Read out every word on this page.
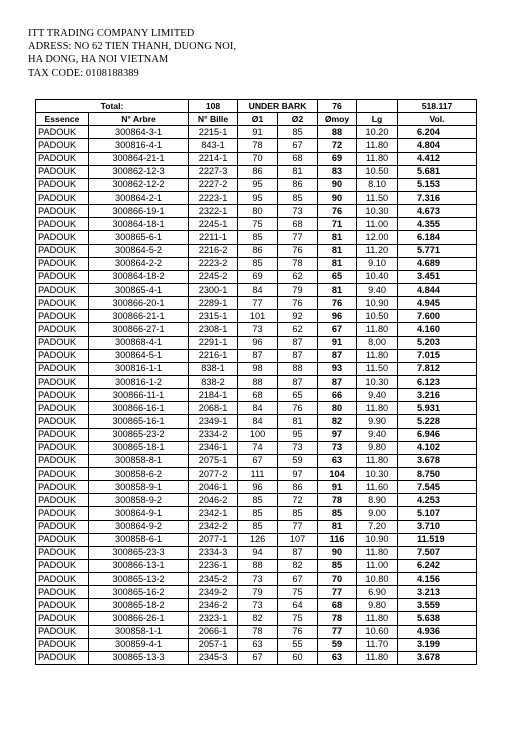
ITT TRADING COMPANY LIMITED
ADRESS: NO 62 TIEN THANH, DUONG NOI,
HA DONG, HA NOI VIETNAM
TAX CODE: 0108188389
Total:		108	UNDER BARK		76		518.117
Essence	N° Arbre	N° Bille	Ø1	Ø2	Ømoy	Lg	Vol.
PADOUK	300864-3-1	2215-1	91	85	88	10.20	6.204
PADOUK	300816-4-1	843-1	78	67	72	11.80	4.804
PADOUK	300864-21-1	2214-1	70	68	69	11.80	4.412
PADOUK	300862-12-3	2227-3	86	81	83	10.50	5.681
PADOUK	300862-12-2	2227-2	95	86	90	8.10	5.153
PADOUK	300864-2-1	2223-1	95	85	90	11.50	7.316
PADOUK	300866-19-1	2322-1	80	73	76	10.30	4.673
PADOUK	300864-18-1	2245-1	75	68	71	11.00	4.355
PADOUK	300865-6-1	2211-1	85	77	81	12.00	6.184
PADOUK	300864-5-2	2216-2	86	76	81	11.20	5.771
PADOUK	300864-2-2	2223-2	85	78	81	9.10	4.689
PADOUK	300864-18-2	2245-2	69	62	65	10.40	3.451
PADOUK	300865-4-1	2300-1	84	79	81	9.40	4.844
PADOUK	300866-20-1	2289-1	77	76	76	10.90	4.945
PADOUK	300866-21-1	2315-1	101	92	96	10.50	7.600
PADOUK	300866-27-1	2308-1	73	62	67	11.80	4.160
PADOUK	300868-4-1	2291-1	96	87	91	8.00	5.203
PADOUK	300864-5-1	2216-1	87	87	87	11.80	7.015
PADOUK	300816-1-1	838-1	98	88	93	11.50	7.812
PADOUK	300816-1-2	838-2	88	87	87	10.30	6.123
PADOUK	300866-11-1	2184-1	68	65	66	9.40	3.216
PADOUK	300866-16-1	2068-1	84	76	80	11.80	5.931
PADOUK	300865-16-1	2349-1	84	81	82	9.90	5.228
PADOUK	300865-23-2	2334-2	100	95	97	9.40	6.946
PADOUK	300865-18-1	2346-1	74	73	73	9.80	4.102
PADOUK	300858-8-1	2075-1	67	59	63	11.80	3.678
PADOUK	300858-6-2	2077-2	111	97	104	10.30	8.750
PADOUK	300858-9-1	2046-1	96	86	91	11.60	7.545
PADOUK	300858-9-2	2046-2	85	72	78	8.90	4.253
PADOUK	300864-9-1	2342-1	85	85	85	9.00	5.107
PADOUK	300864-9-2	2342-2	85	77	81	7.20	3.710
PADOUK	300858-6-1	2077-1	126	107	116	10.90	11.519
PADOUK	300865-23-3	2334-3	94	87	90	11.80	7.507
PADOUK	300866-13-1	2236-1	88	82	85	11.00	6.242
PADOUK	300865-13-2	2345-2	73	67	70	10.80	4.156
PADOUK	300865-16-2	2349-2	79	75	77	6.90	3.213
PADOUK	300865-18-2	2346-2	73	64	68	9.80	3.559
PADOUK	300866-26-1	2323-1	82	75	78	11.80	5.638
PADOUK	300858-1-1	2066-1	78	76	77	10.60	4.936
PADOUK	300859-4-1	2057-1	63	55	59	11.70	3.199
PADOUK	300865-13-3	2345-3	67	60	63	11.80	3.678
